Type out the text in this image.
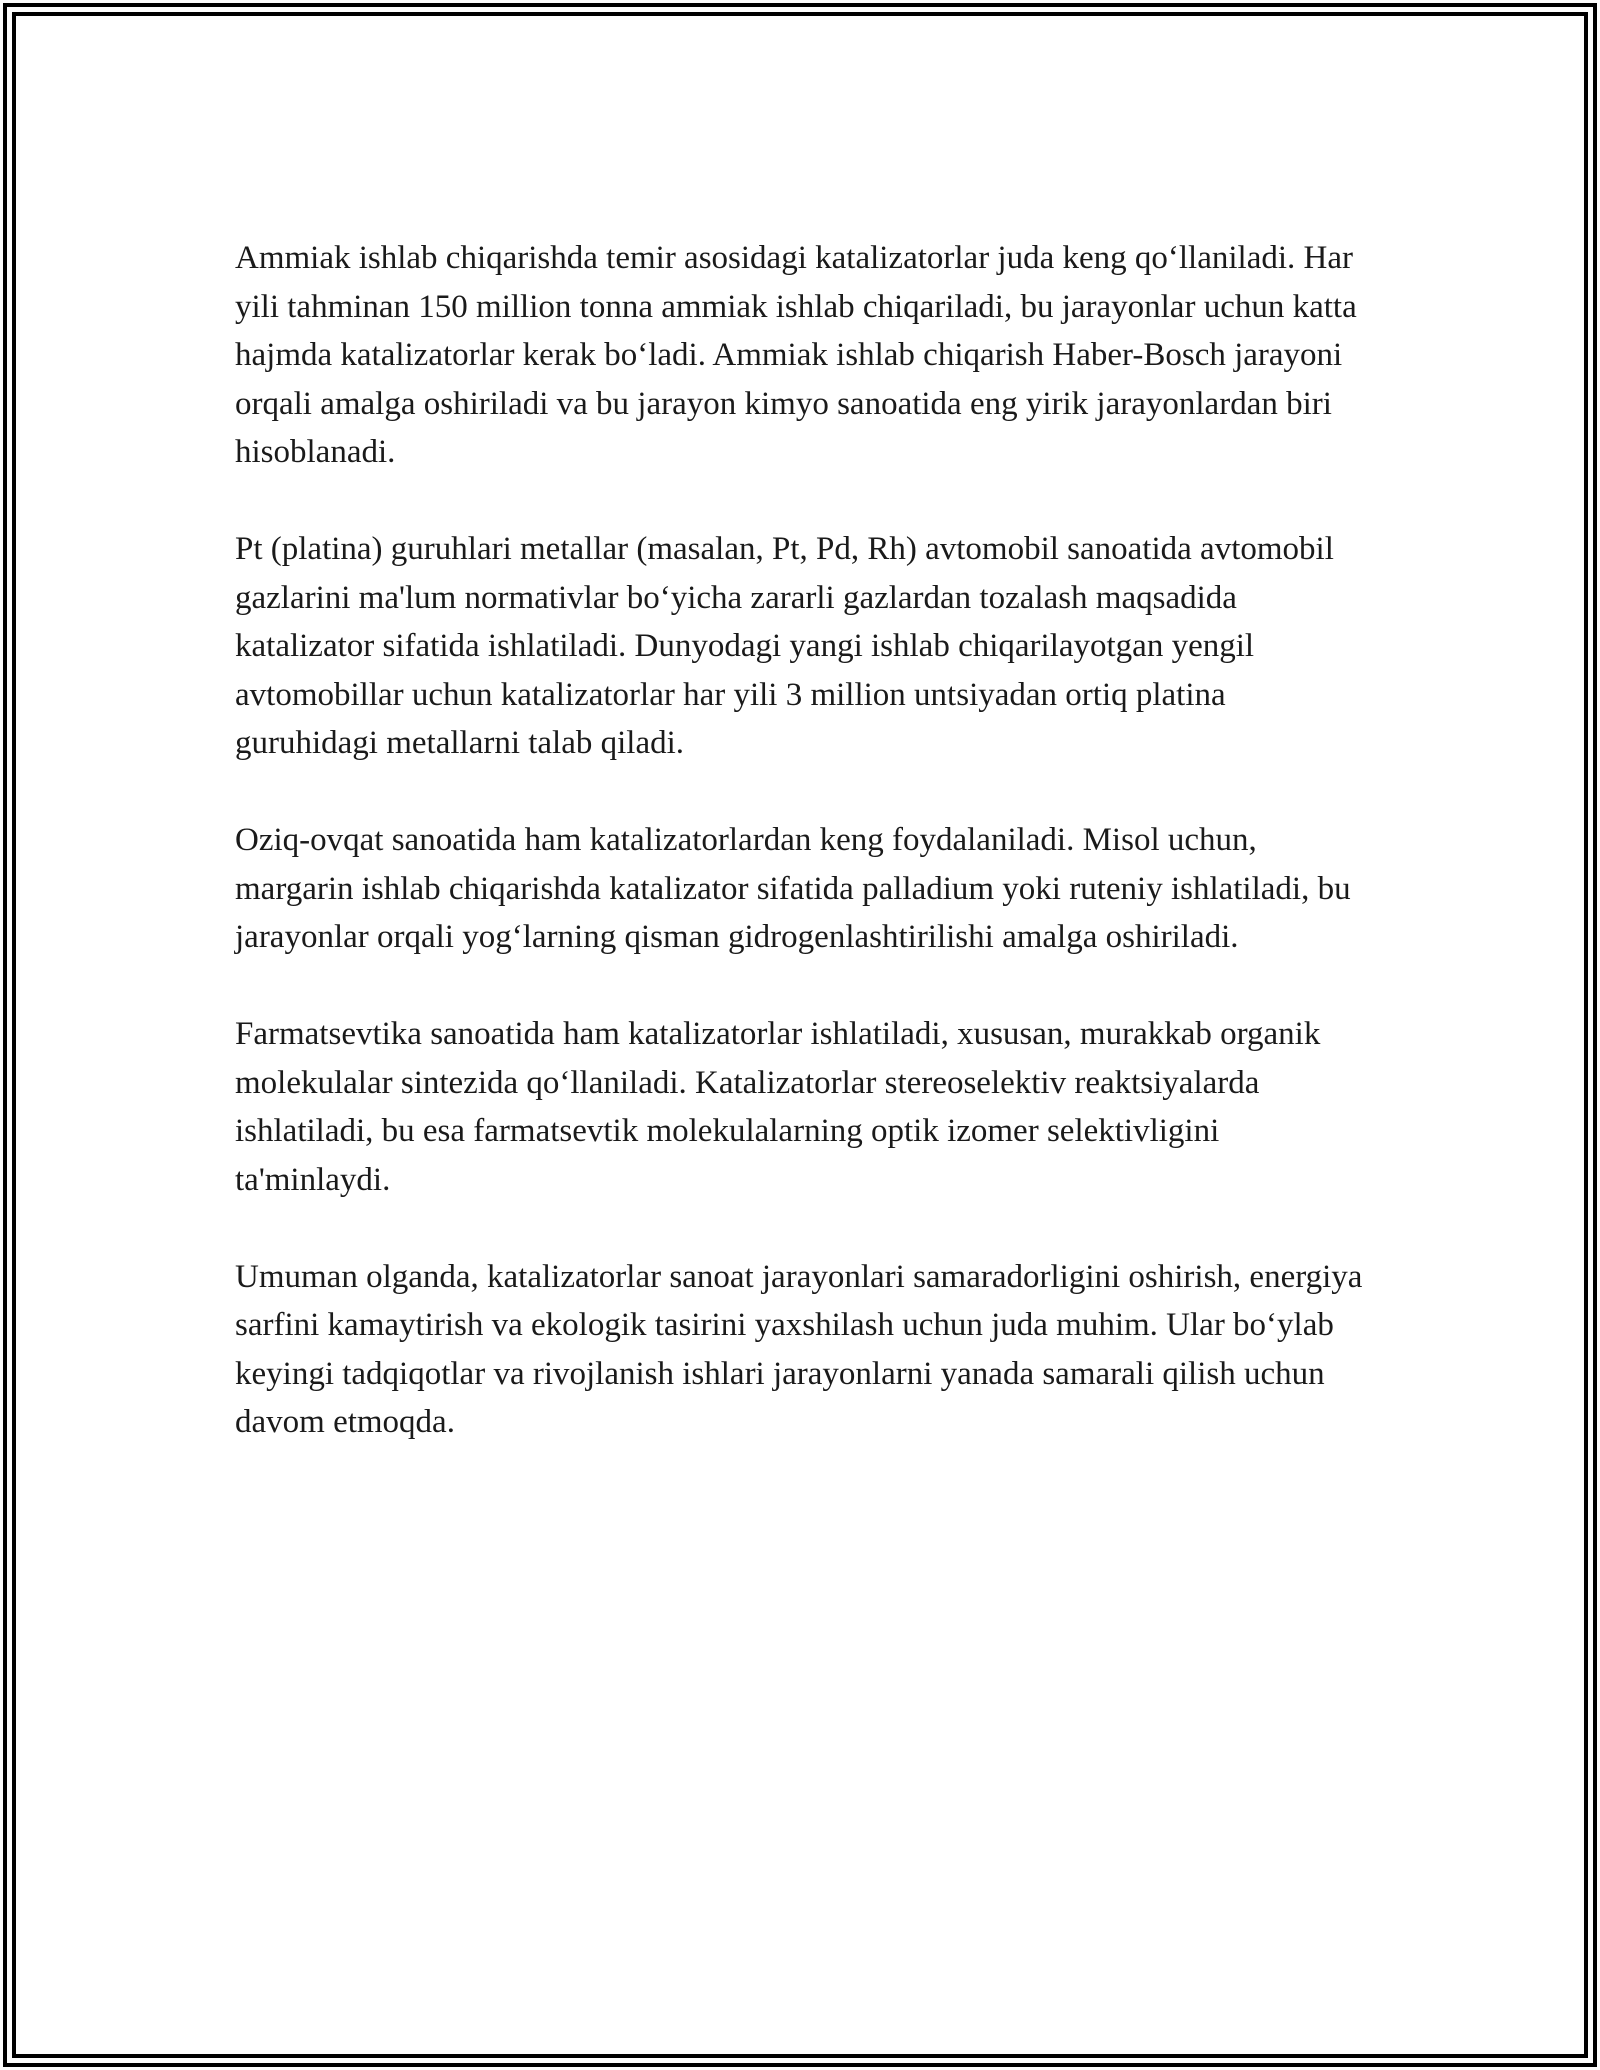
Ammiak ishlab chiqarishda temir asosidagi katalizatorlar juda keng qo‘llaniladi. Har yili tahminan 150 million tonna ammiak ishlab chiqariladi, bu jarayonlar uchun katta hajmda katalizatorlar kerak bo‘ladi. Ammiak ishlab chiqarish Haber-Bosch jarayoni orqali amalga oshiriladi va bu jarayon kimyo sanoatida eng yirik jarayonlardan biri hisoblanadi.

Pt (platina) guruhlari metallar (masalan, Pt, Pd, Rh) avtomobil sanoatida avtomobil gazlarini ma'lum normativlar bo‘yicha zararli gazlardan tozalash maqsadida katalizator sifatida ishlatiladi. Dunyodagi yangi ishlab chiqarilayotgan yengil avtomobillar uchun katalizatorlar har yili 3 million untsiyadan ortiq platina guruhidagi metallarni talab qiladi.

Oziq-ovqat sanoatida ham katalizatorlardan keng foydalaniladi. Misol uchun, margarin ishlab chiqarishda katalizator sifatida palladium yoki ruteniy ishlatiladi, bu jarayonlar orqali yog‘larning qisman gidrogenlashtirilishi amalga oshiriladi.

Farmatsevtika sanoatida ham katalizatorlar ishlatiladi, xususan, murakkab organik molekulalar sintezida qo‘llaniladi. Katalizatorlar stereoselektiv reaktsiyalarda ishlatiladi, bu esa farmatsevtik molekulalarning optik izomer selektivligini ta'minlaydi.

Umuman olganda, katalizatorlar sanoat jarayonlari samaradorligini oshirish, energiya sarfini kamaytirish va ekologik tasirini yaxshilash uchun juda muhim. Ular bo‘ylab keyingi tadqiqotlar va rivojlanish ishlari jarayonlarni yanada samarali qilish uchun davom etmoqda.
